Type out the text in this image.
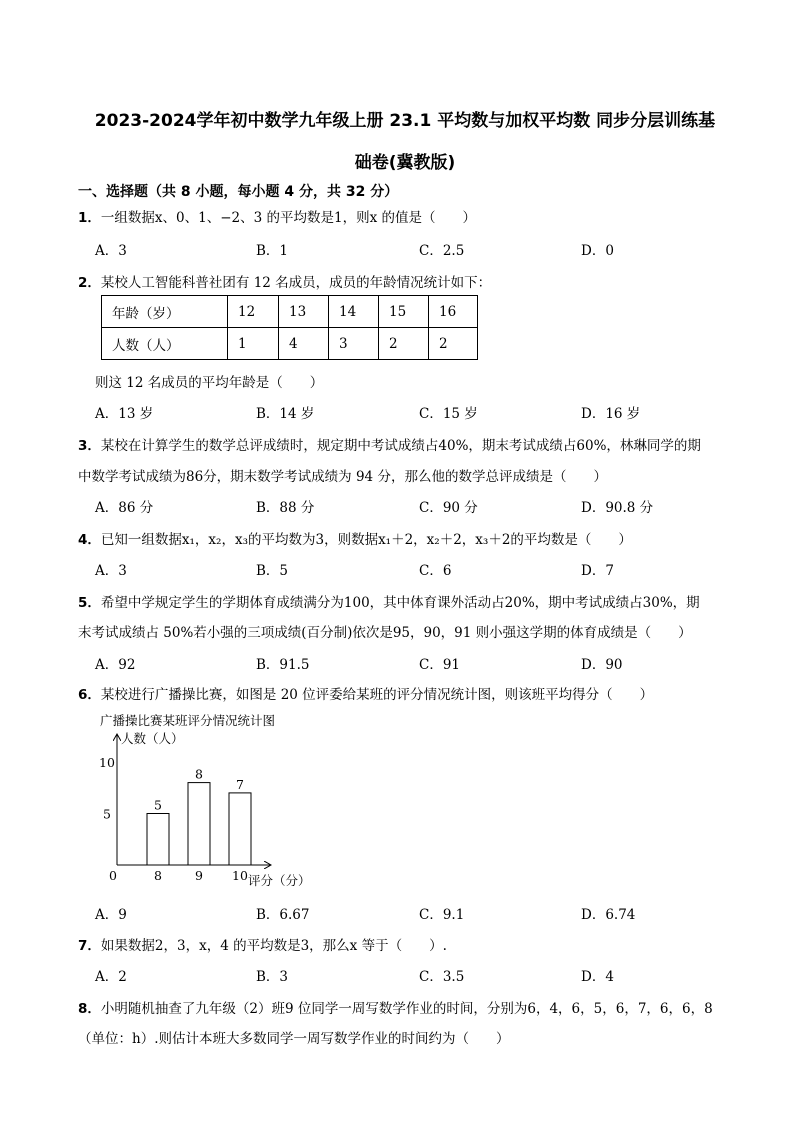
2023-2024学年初中数学九年级上册 23.1 平均数与加权平均数 同步分层训练基
础卷(冀教版)
一、选择题（共 8 小题，每小题 4 分，共 32 分）
1．一组数据x、0、1、−2、3 的平均数是1，则x 的值是（　　）
A．3	B．1	C．2.5	D．0
2．某校人工智能科普社团有 12 名成员，成员的年龄情况统计如下：
年龄（岁）	12	13	14	15	16
人数（人）	1	4	3	2	2
则这 12 名成员的平均年龄是（　　）
A．13 岁	B．14 岁	C．15 岁	D．16 岁
3．某校在计算学生的数学总评成绩时，规定期中考试成绩占40%，期末考试成绩占60%，林琳同学的期
中数学考试成绩为86分，期末数学考试成绩为 94 分，那么他的数学总评成绩是（　　）
A．86 分	B．88 分	C．90 分	D．90.8 分
4．已知一组数据x₁，x₂，x₃的平均数为3，则数据x₁＋2，x₂＋2，x₃＋2的平均数是（　　）
A．3	B．5	C．6	D．7
5．希望中学规定学生的学期体育成绩满分为100，其中体育课外活动占20%，期中考试成绩占30%，期
末考试成绩占 50%若小强的三项成绩(百分制)依次是95，90，91 则小强这学期的体育成绩是（　　）
A．92	B．91.5	C．91	D．90
6．某校进行广播操比赛，如图是 20 位评委给某班的评分情况统计图，则该班平均得分（　　）
广播操比赛某班评分情况统计图
人数（人）
10
5
0	评分（分）
5
8
8
9
7
10
A．9	B．6.67	C．9.1	D．6.74
7．如果数据2，3，x，4 的平均数是3，那么x 等于（　　）.
A．2	B．3	C．3.5	D．4
8．小明随机抽查了九年级（2）班9 位同学一周写数学作业的时间，分别为6，4，6，5，6，7，6，6，8
（单位：h）.则估计本班大多数同学一周写数学作业的时间约为（　　）
